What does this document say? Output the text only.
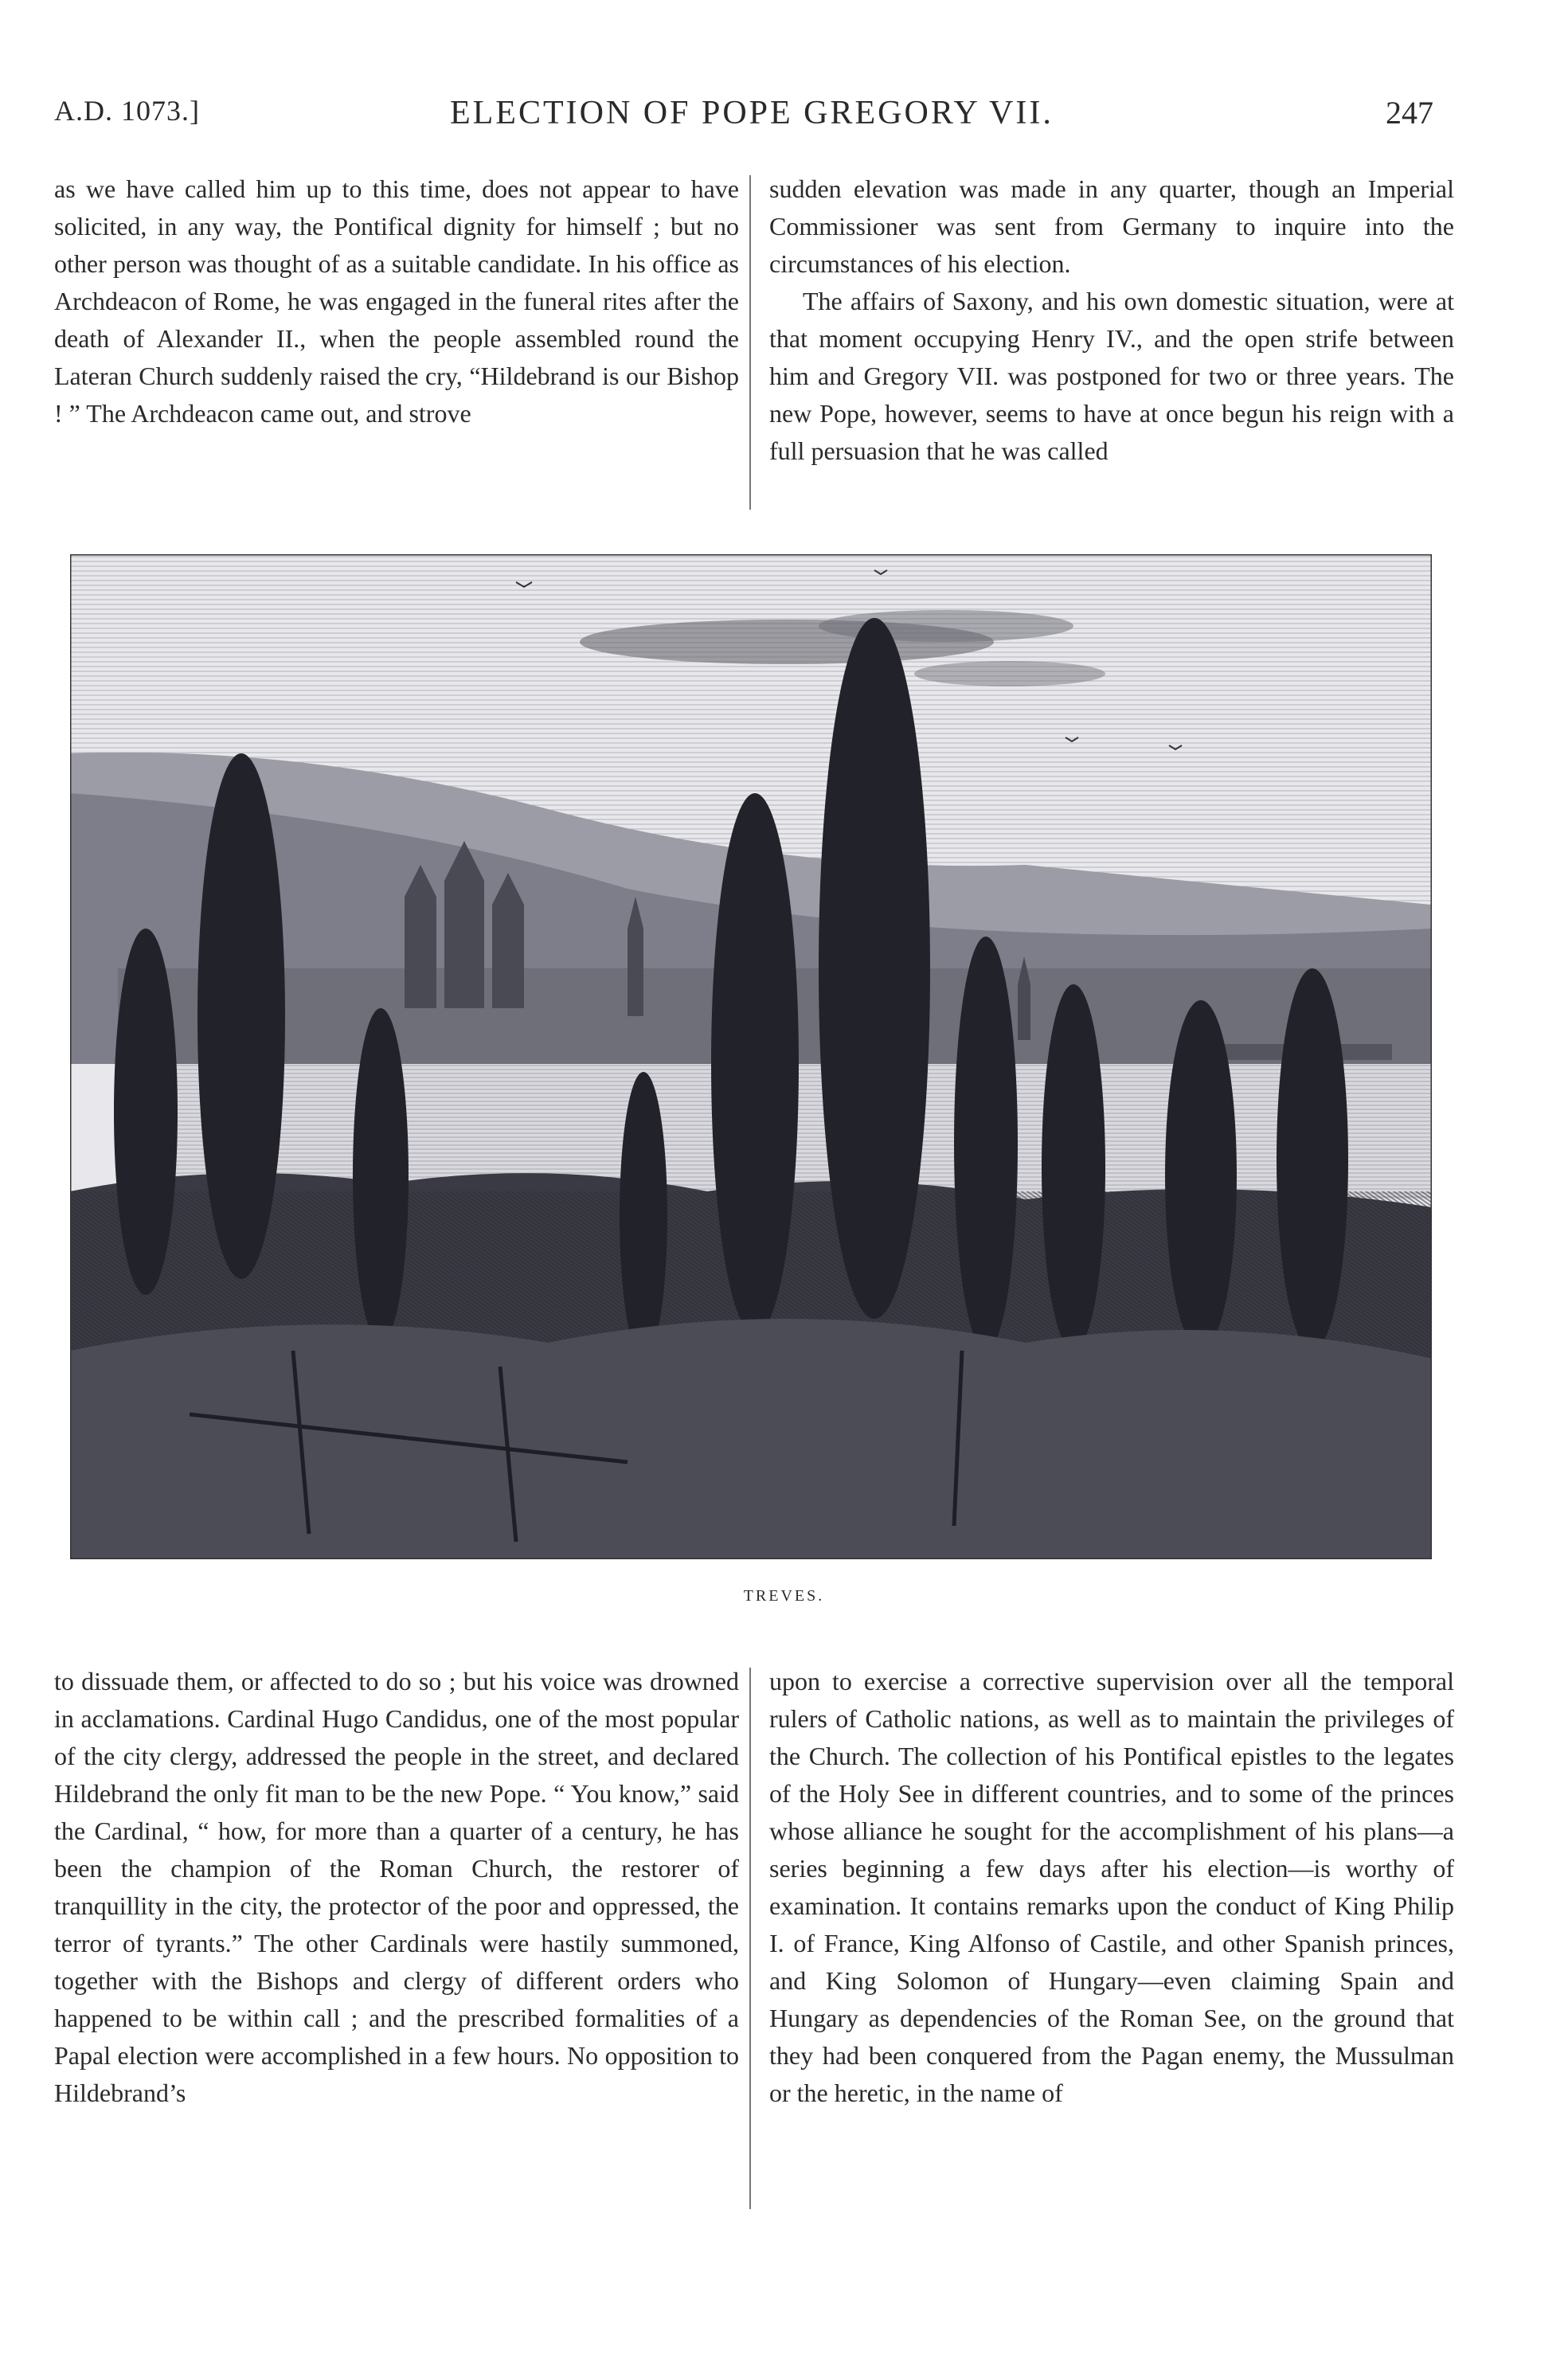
A.D. 1073.]	ELECTION OF POPE GREGORY VII.	247

as we have called him up to this time, does not appear to have solicited, in any way, the Pontifical dignity for himself ; but no other person was thought of as a suitable candidate. In his office as Archdeacon of Rome, he was engaged in the funeral rites after the death of Alexander II., when the people assembled round the Lateran Church suddenly raised the cry, “Hildebrand is our Bishop ! ” The Archdeacon came out, and strove

sudden elevation was made in any quarter, though an Imperial Commissioner was sent from Germany to inquire into the circumstances of his election.

The affairs of Saxony, and his own domestic situation, were at that moment occupying Henry IV., and the open strife between him and Gregory VII. was postponed for two or three years. The new Pope, however, seems to have at once begun his reign with a full persuasion that he was called

TREVES.

to dissuade them, or affected to do so ; but his voice was drowned in acclamations. Cardinal Hugo Candidus, one of the most popular of the city clergy, addressed the people in the street, and declared Hildebrand the only fit man to be the new Pope. “ You know,” said the Cardinal, “ how, for more than a quarter of a century, he has been the champion of the Roman Church, the restorer of tranquillity in the city, the protector of the poor and oppressed, the terror of tyrants.” The other Cardinals were hastily summoned, together with the Bishops and clergy of different orders who happened to be within call ; and the prescribed formalities of a Papal election were accomplished in a few hours. No opposition to Hildebrand’s

upon to exercise a corrective supervision over all the temporal rulers of Catholic nations, as well as to maintain the privileges of the Church. The collection of his Pontifical epistles to the legates of the Holy See in different countries, and to some of the princes whose alliance he sought for the accomplishment of his plans—a series beginning a few days after his election—is worthy of examination. It contains remarks upon the conduct of King Philip I. of France, King Alfonso of Castile, and other Spanish princes, and King Solomon of Hungary—even claiming Spain and Hungary as dependencies of the Roman See, on the ground that they had been conquered from the Pagan enemy, the Mussulman or the heretic, in the name of
